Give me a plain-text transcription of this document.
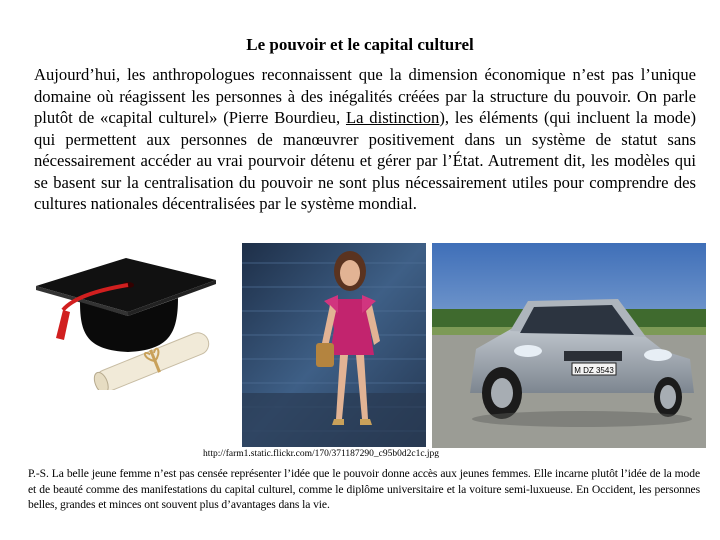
Le pouvoir et le capital culturel

Aujourd’hui, les anthropologues reconnaissent que la dimension économique n’est pas l’unique domaine où réagissent les personnes à des inégalités créées par la structure du pouvoir. On parle plutôt de «capital culturel» (Pierre Bourdieu, La distinction), les éléments (qui incluent la mode) qui permettent aux personnes de manœuvrer positivement dans un système de statut sans nécessairement accéder au vrai pourvoir détenu et gérer par l’État. Autrement dit, les modèles qui se basent sur la centralisation du pouvoir ne sont plus nécessairement utiles pour comprendre des cultures nationales décentralisées par le système mondial.

M DZ 3543
http://farm1.static.flickr.com/170/371187290_c95b0d2c1c.jpg

P.-S. La belle jeune femme n’est pas censée représenter l’idée que le pouvoir donne accès aux jeunes femmes. Elle incarne plutôt l’idée de la mode et de beauté comme des manifestations du capital culturel, comme le diplôme universitaire et la voiture semi-luxueuse. En Occident, les personnes belles, grandes et minces ont souvent plus d’avantages dans la vie.
